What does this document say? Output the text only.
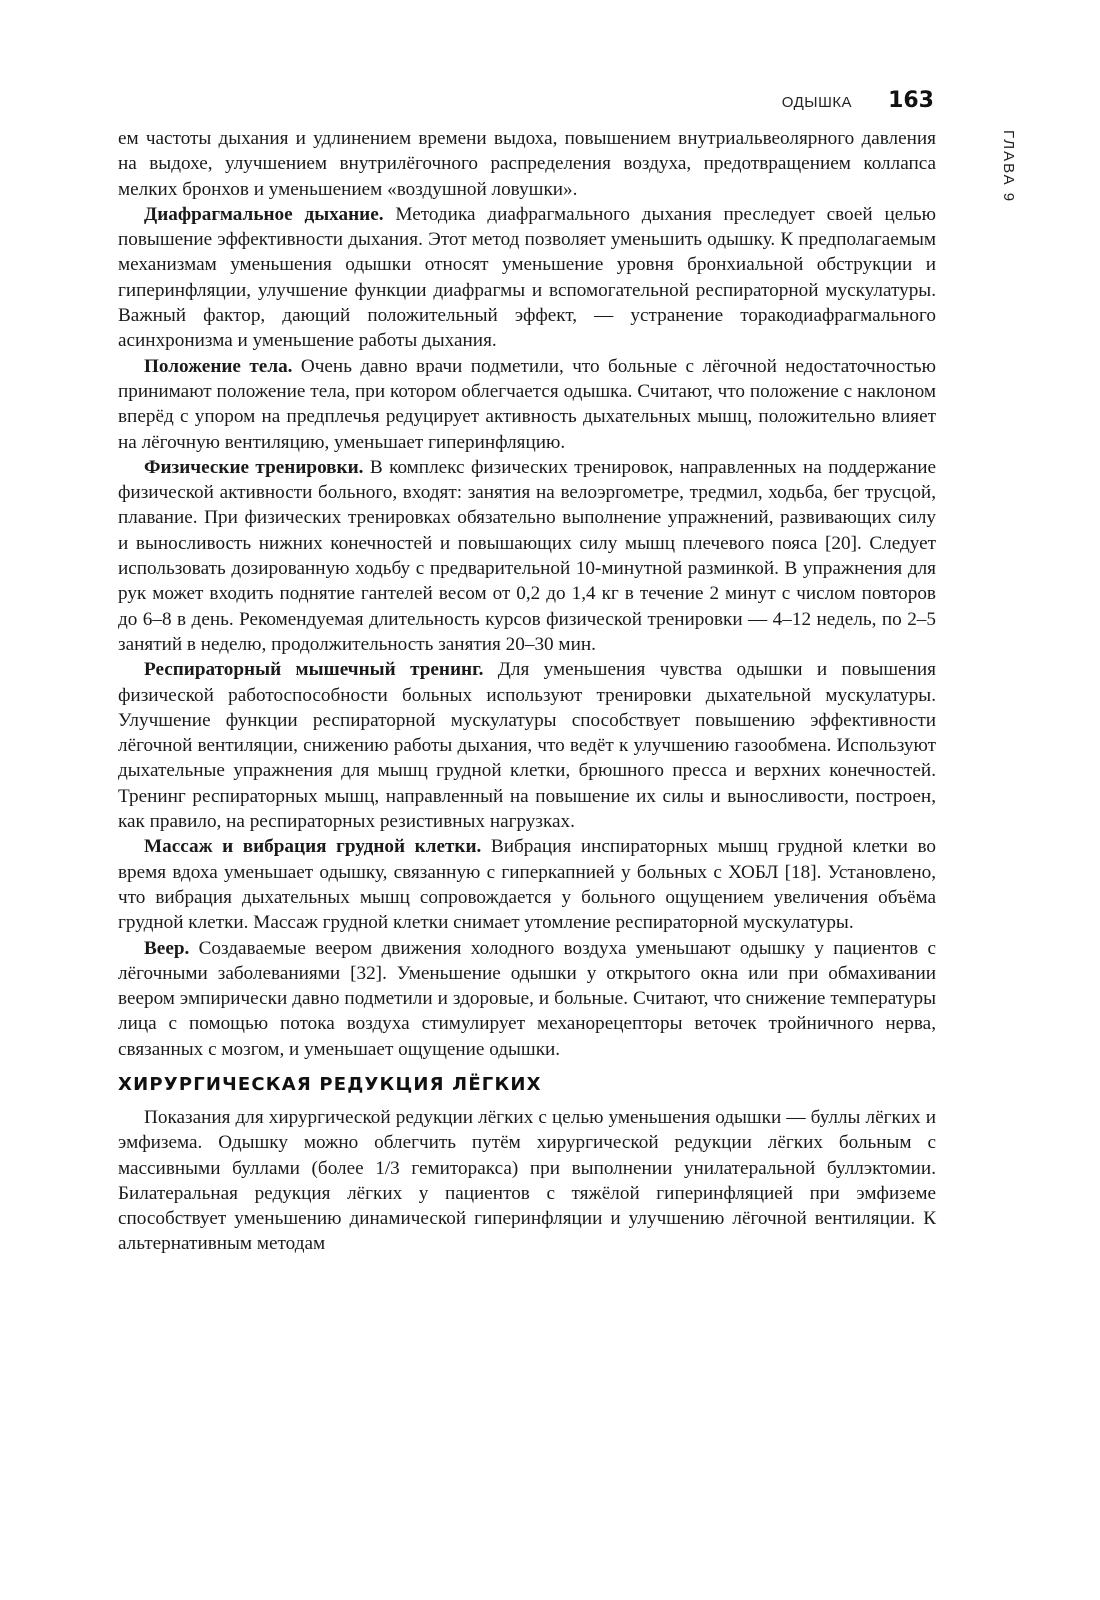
ОДЫШКА 163
ГЛАВА 9

ем частоты дыхания и удлинением времени выдоха, повышением внутриальвеолярного давления на выдохе, улучшением внутрилёгочного распределения воздуха, предотвращением коллапса мелких бронхов и уменьшением «воздушной ловушки».

Диафрагмальное дыхание. Методика диафрагмального дыхания преследует своей целью повышение эффективности дыхания. Этот метод позволяет уменьшить одышку. К предполагаемым механизмам уменьшения одышки относят уменьшение уровня бронхиальной обструкции и гиперинфляции, улучшение функции диафрагмы и вспомогательной респираторной мускулатуры. Важный фактор, дающий положительный эффект, — устранение торакодиафрагмального асинхронизма и уменьшение работы дыхания.

Положение тела. Очень давно врачи подметили, что больные с лёгочной недостаточностью принимают положение тела, при котором облегчается одышка. Считают, что положение с наклоном вперёд с упором на предплечья редуцирует активность дыхательных мышц, положительно влияет на лёгочную вентиляцию, уменьшает гиперинфляцию.

Физические тренировки. В комплекс физических тренировок, направленных на поддержание физической активности больного, входят: занятия на велоэргометре, тредмил, ходьба, бег трусцой, плавание. При физических тренировках обязательно выполнение упражнений, развивающих силу и выносливость нижних конечностей и повышающих силу мышц плечевого пояса [20]. Следует использовать дозированную ходьбу с предварительной 10-минутной разминкой. В упражнения для рук может входить поднятие гантелей весом от 0,2 до 1,4 кг в течение 2 минут с числом повторов до 6–8 в день. Рекомендуемая длительность курсов физической тренировки — 4–12 недель, по 2–5 занятий в неделю, продолжительность занятия 20–30 мин.

Респираторный мышечный тренинг. Для уменьшения чувства одышки и повышения физической работоспособности больных используют тренировки дыхательной мускулатуры. Улучшение функции респираторной мускулатуры способствует повышению эффективности лёгочной вентиляции, снижению работы дыхания, что ведёт к улучшению газообмена. Используют дыхательные упражнения для мышц грудной клетки, брюшного пресса и верхних конечностей. Тренинг респираторных мышц, направленный на повышение их силы и выносливости, построен, как правило, на респираторных резистивных нагрузках.

Массаж и вибрация грудной клетки. Вибрация инспираторных мышц грудной клетки во время вдоха уменьшает одышку, связанную с гиперкапнией у больных с ХОБЛ [18]. Установлено, что вибрация дыхательных мышц сопровождается у больного ощущением увеличения объёма грудной клетки. Массаж грудной клетки снимает утомление респираторной мускулатуры.

Веер. Создаваемые веером движения холодного воздуха уменьшают одышку у пациентов с лёгочными заболеваниями [32]. Уменьшение одышки у открытого окна или при обмахивании веером эмпирически давно подметили и здоровые, и больные. Считают, что снижение температуры лица с помощью потока воздуха стимулирует механорецепторы веточек тройничного нерва, связанных с мозгом, и уменьшает ощущение одышки.

ХИРУРГИЧЕСКАЯ РЕДУКЦИЯ ЛЁГКИХ

Показания для хирургической редукции лёгких с целью уменьшения одышки — буллы лёгких и эмфизема. Одышку можно облегчить путём хирургической редукции лёгких больным с массивными буллами (более 1/3 гемиторакса) при выполнении унилатеральной буллэктомии. Билатеральная редукция лёгких у пациентов с тяжёлой гиперинфляцией при эмфиземе способствует уменьшению динамической гиперинфляции и улучшению лёгочной вентиляции. К альтернативным методам
